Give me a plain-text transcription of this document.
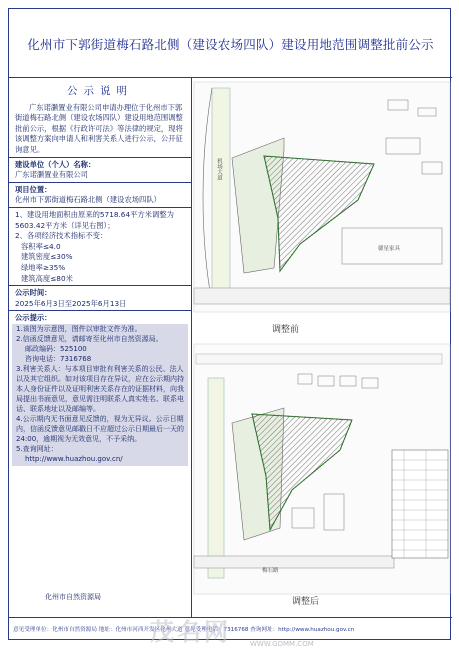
化州市下郭街道梅石路北侧（建设农场四队）建设用地范围调整批前公示
公示说明

广东诺灏置业有限公司申请办理位于化州市下郭街道梅石路北侧（建设农场四队）建设用地范围调整批前公示，根据《行政许可法》等法律的规定，现将该调整方案向申请人和利害关系人进行公示，公开征询意见。

建设单位（个人）名称：

广东诺灏置业有限公司

项目位置：

化州市下郭街道梅石路北侧（建设农场四队）

1、建设用地面积由原来的5718.64平方米调整为5603.42平方米（详见右图）；

2、各项经济技术指标不变：

容积率≤4.0

建筑密度≤30%

绿地率≥35%

建筑高度≤80米

公示时间：

2025年6月3日至2025年6月13日

公示提示：

1.该图为示意图，图件以审批文件为准。

2.信函反馈意见，请邮寄至化州市自然资源局。

邮政编码：525100

咨询电话：7316768

3.利害关系人：与本项目审批有利害关系的公民、法人以及其它组织。如对该项目存在异议，应在公示期内持本人身份证件以及证明利害关系存在的证据材料，向我局提出书面意见，意见需注明联系人真实姓名、联系电话、联系地址以及邮编等。

4.公示期内无书面意见反馈的，视为无异议。公示日期内，信函反馈意见邮戳日不应超过公示日期最后一天的24:00，逾期视为无效意见，不予采纳。

5.查询网址：

http://www.huazhou.gov.cn/

化州市自然资源局
赣星家具
机场大道
调整前
梅石路
调整后
意见受理单位：化州市自然资源局 地址：化州市河西开发区化州大道 意见受理电话：7316768 查询网址：http://www.huazhou.gov.cn
茂名网	WWW.GDMM.COM
